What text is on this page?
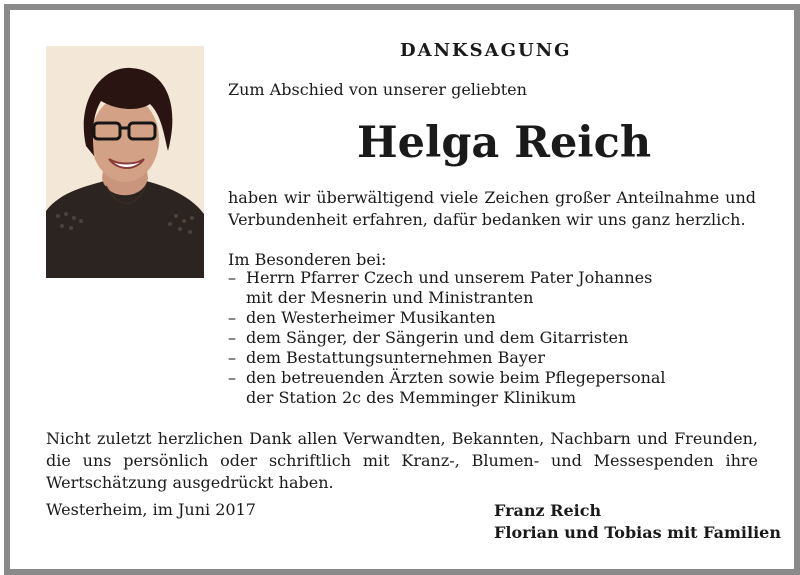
DANKSAGUNG
Zum Abschied von unserer geliebten
Helga Reich
haben wir überwältigend viele Zeichen großer Anteilnahme und Verbundenheit erfahren, dafür bedanken wir uns ganz herzlich.
Im Besonderen bei:
– Herrn Pfarrer Czech und unserem Pater Johannes
mit der Mesnerin und Ministranten
– den Westerheimer Musikanten
– dem Sänger, der Sängerin und dem Gitarristen
– dem Bestattungsunternehmen Bayer
– den betreuenden Ärzten sowie beim Pflegepersonal
der Station 2c des Memminger Klinikum
Nicht zuletzt herzlichen Dank allen Verwandten, Bekannten, Nachbarn und Freunden, die uns persönlich oder schriftlich mit Kranz-, Blumen- und Messespenden ihre Wertschätzung ausgedrückt haben.
Westerheim, im Juni 2017	Franz Reich
Florian und Tobias mit Familien
